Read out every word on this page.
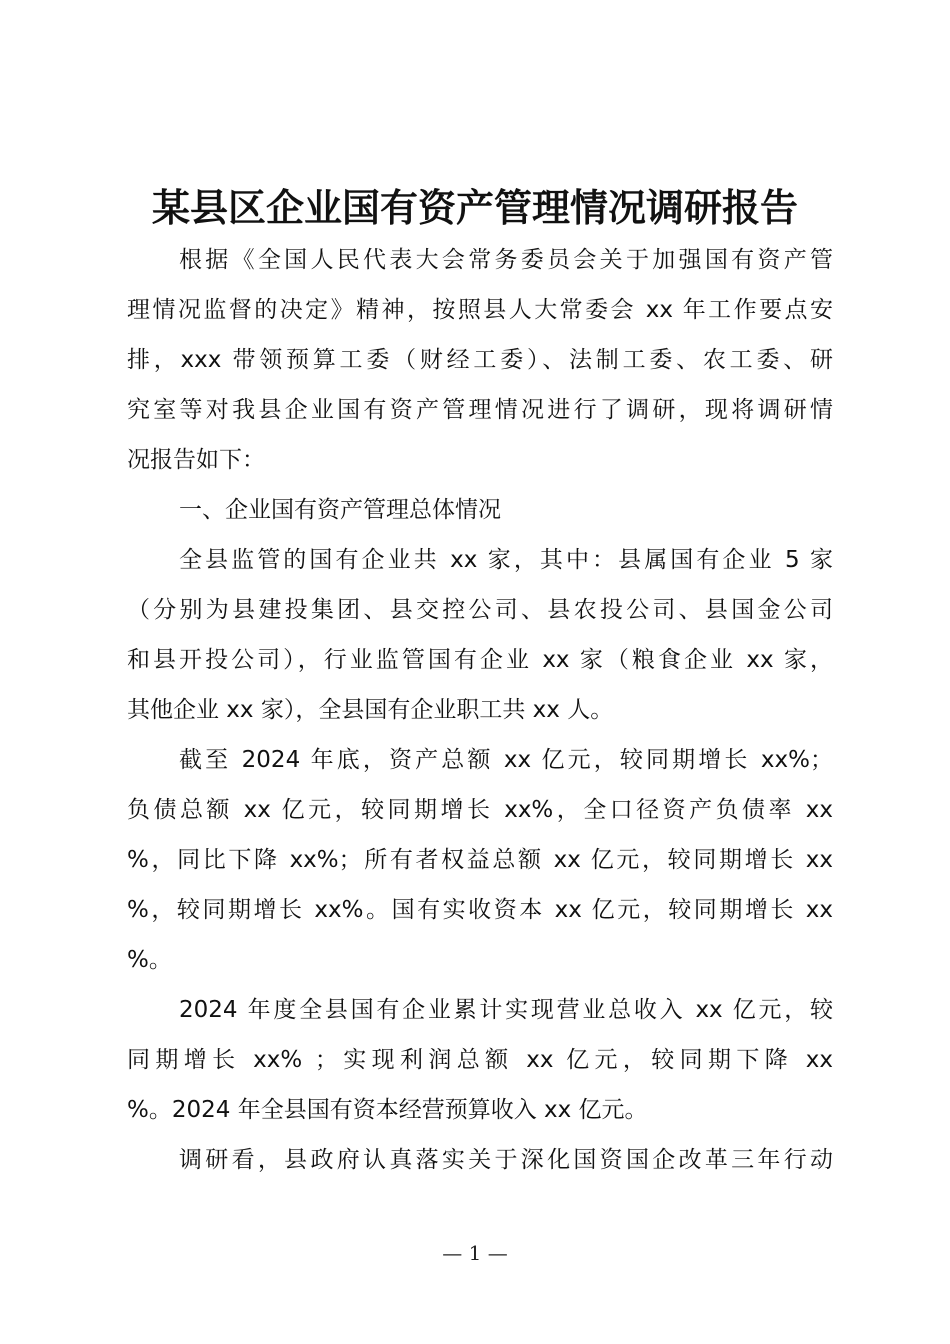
某县区企业国有资产管理情况调研报告
根据《全国人民代表大会常务委员会关于加强国有资产管
理情况监督的决定》精神，按照县人大常委会 xx 年工作要点安
排，xxx 带领预算工委（财经工委）、法制工委、农工委、研
究室等对我县企业国有资产管理情况进行了调研，现将调研情
况报告如下：
一、企业国有资产管理总体情况
全县监管的国有企业共 xx 家，其中：县属国有企业 5 家
（分别为县建投集团、县交控公司、县农投公司、县国金公司
和县开投公司），行业监管国有企业 xx 家（粮食企业 xx 家，
其他企业 xx 家），全县国有企业职工共 xx 人。
截至 2024 年底，资产总额 xx 亿元，较同期增长 xx%；
负债总额 xx 亿元，较同期增长 xx%，全口径资产负债率 xx
%，同比下降 xx%；所有者权益总额 xx 亿元，较同期增长 xx
%，较同期增长 xx%。国有实收资本 xx 亿元，较同期增长 xx
%。
2024 年度全县国有企业累计实现营业总收入 xx 亿元，较
同期增长 xx% ；实现利润总额 xx 亿元，较同期下降 xx
%。2024 年全县国有资本经营预算收入 xx 亿元。
调研看，县政府认真落实关于深化国资国企改革三年行动
— 1 —
